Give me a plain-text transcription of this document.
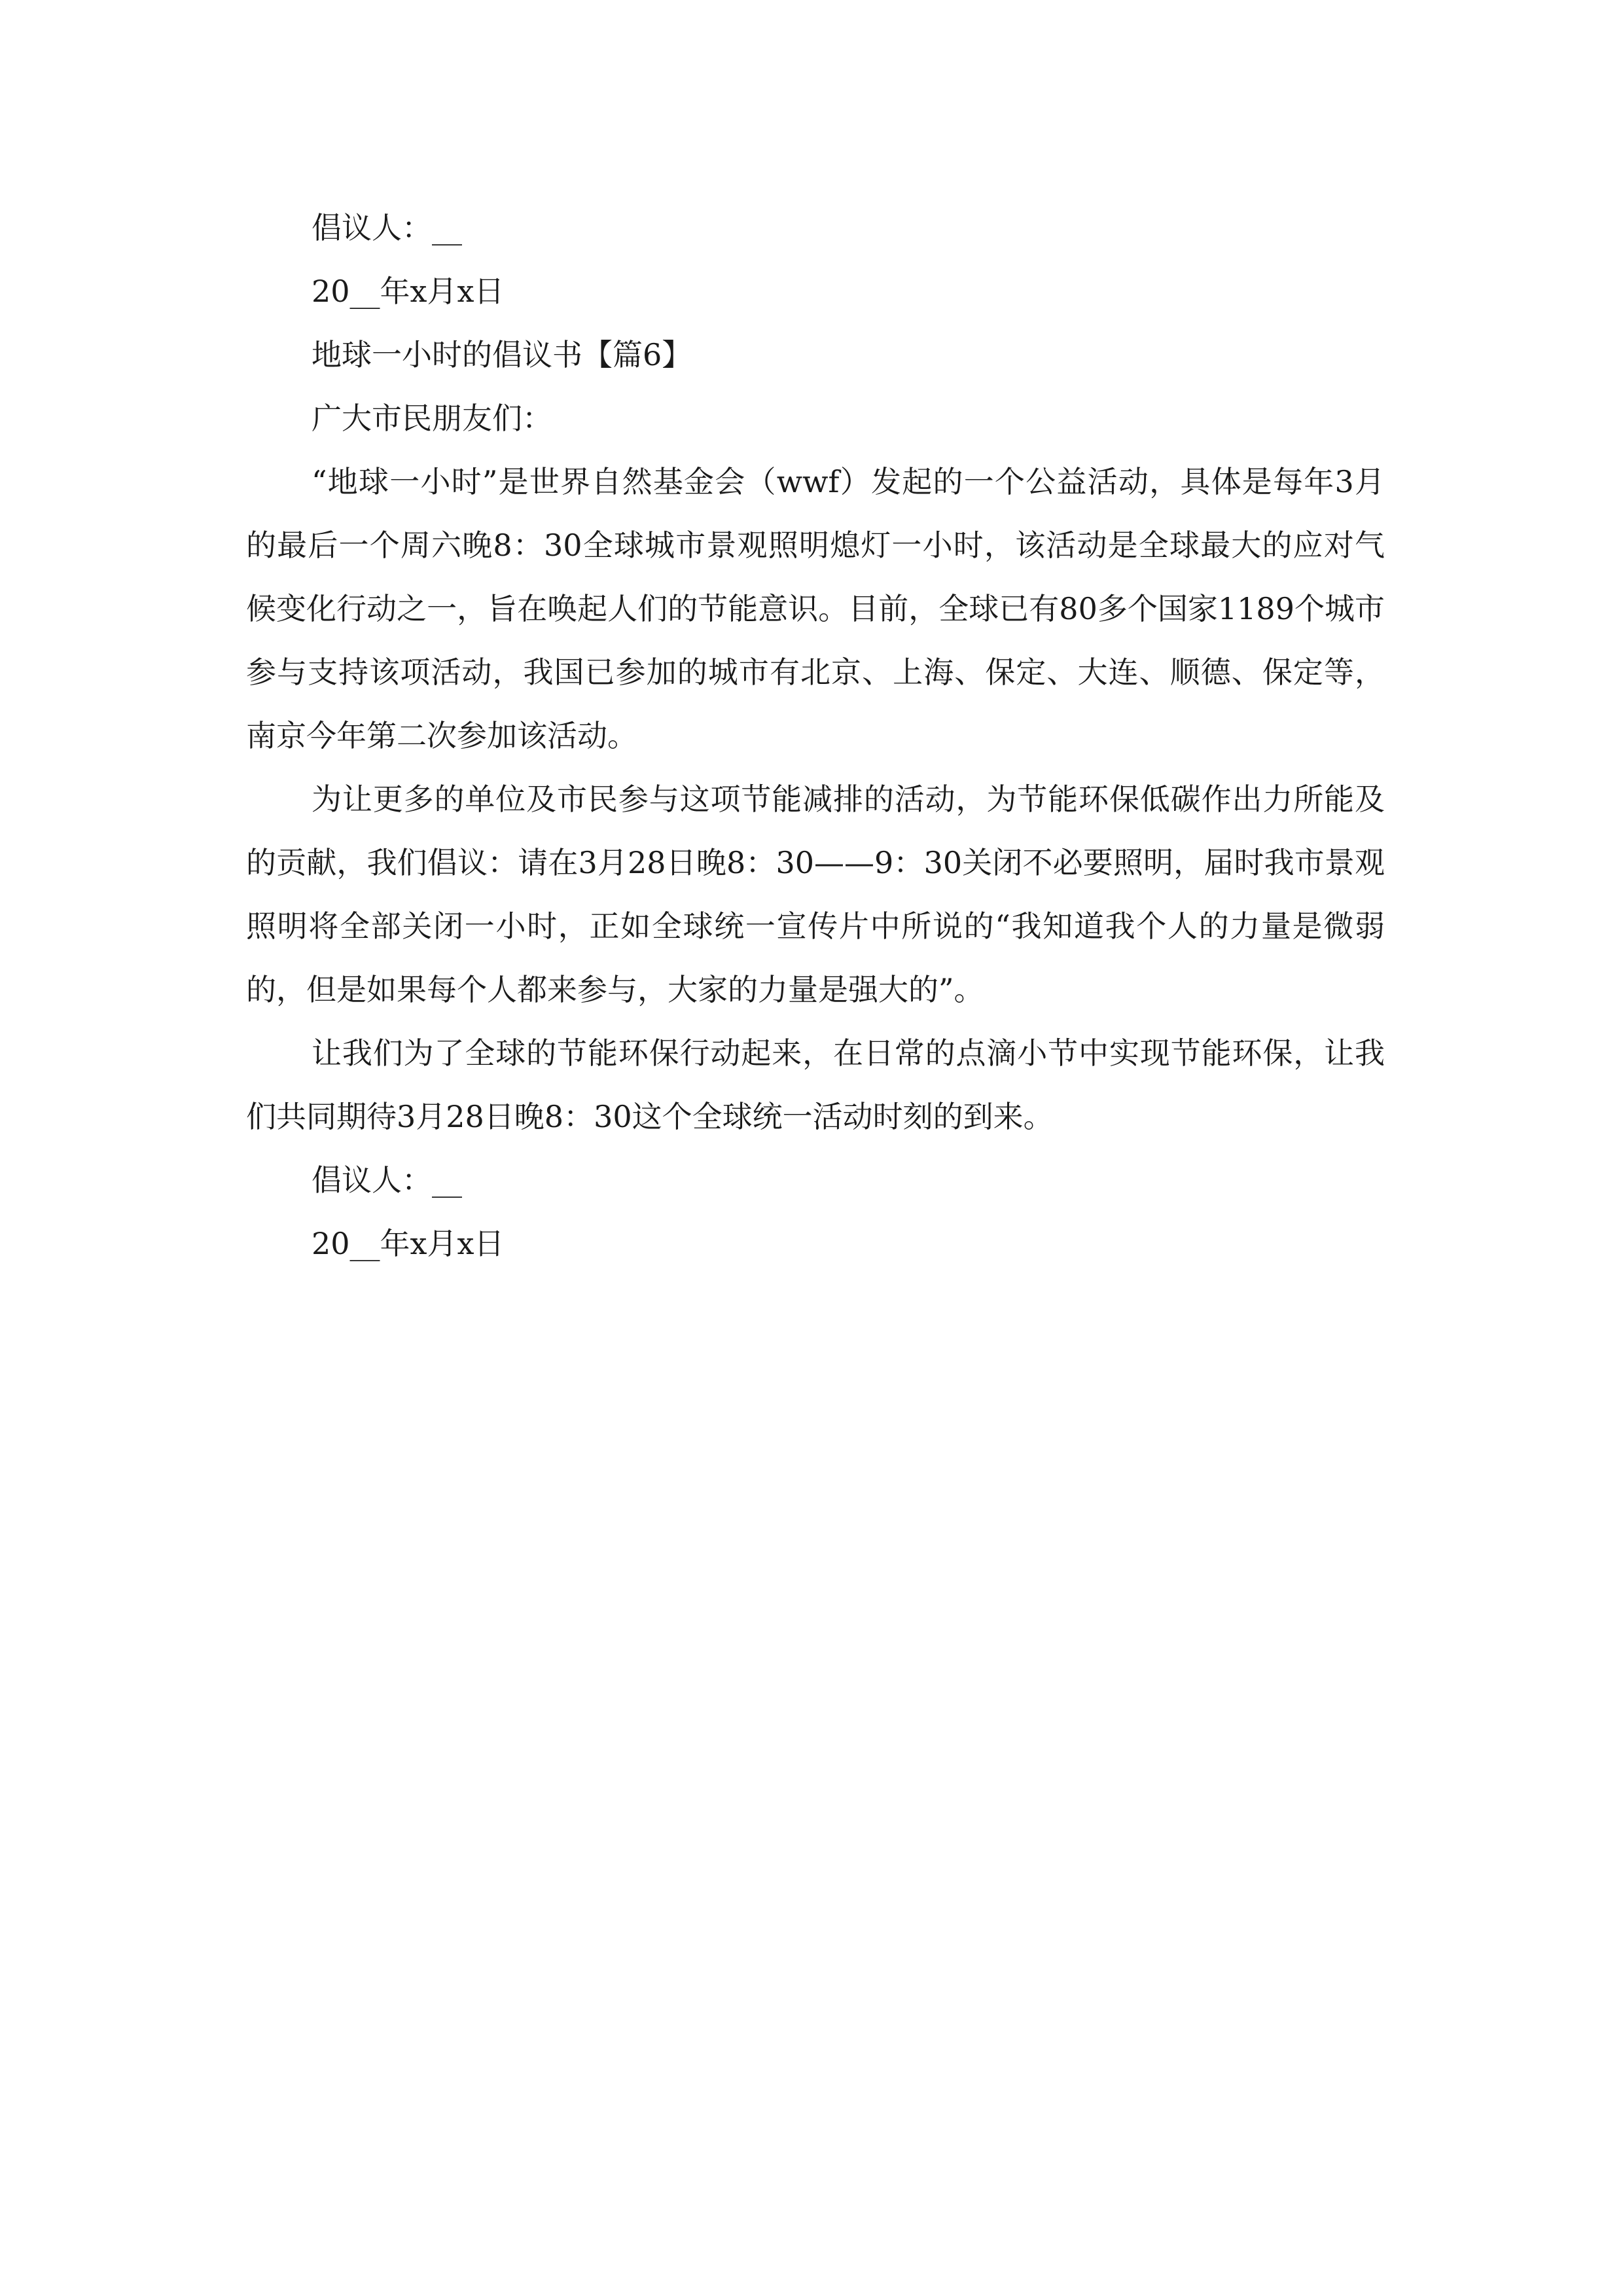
倡议人：__

20__年x月x日

地球一小时的倡议书【篇6】

广大市民朋友们：

“地球一小时”是世界自然基金会（wwf）发起的一个公益活动，具体是每年3月的最后一个周六晚8：30全球城市景观照明熄灯一小时，该活动是全球最大的应对气候变化行动之一，旨在唤起人们的节能意识。目前，全球已有80多个国家1189个城市参与支持该项活动，我国已参加的城市有北京、上海、保定、大连、顺德、保定等，南京今年第二次参加该活动。

为让更多的单位及市民参与这项节能减排的活动，为节能环保低碳作出力所能及的贡献，我们倡议：请在3月28日晚8：30——9：30关闭不必要照明，届时我市景观照明将全部关闭一小时，正如全球统一宣传片中所说的“我知道我个人的力量是微弱的，但是如果每个人都来参与，大家的力量是强大的”。

让我们为了全球的节能环保行动起来，在日常的点滴小节中实现节能环保，让我们共同期待3月28日晚8：30这个全球统一活动时刻的到来。

倡议人：__

20__年x月x日
